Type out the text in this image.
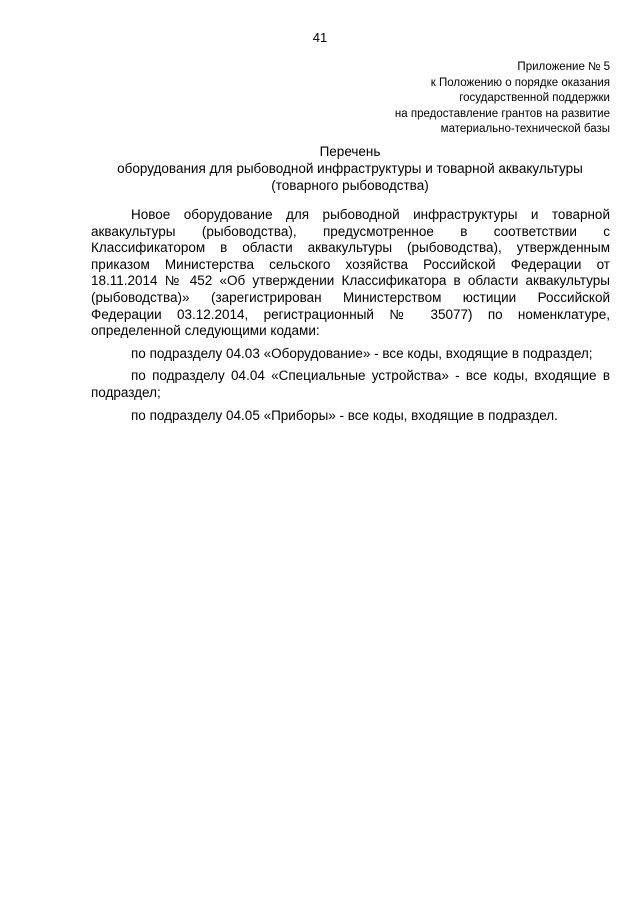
41
Приложение № 5
к Положению о порядке оказания
государственной поддержки
на предоставление грантов на развитие
материально-технической базы
Перечень
оборудования для рыбоводной инфраструктуры и товарной аквакультуры
(товарного рыбоводства)

Новое оборудование для рыбоводной инфраструктуры и товарной аквакультуры (рыбоводства), предусмотренное в соответствии с Классификатором в области аквакультуры (рыбоводства), утвержденным приказом Министерства сельского хозяйства Российской Федерации от 18.11.2014 № 452 «Об утверждении Классификатора в области аквакультуры (рыбоводства)» (зарегистрирован Министерством юстиции Российской Федерации 03.12.2014, регистрационный № 35077) по номенклатуре, определенной следующими кодами:

по подразделу 04.03 «Оборудование» - все коды, входящие в подраздел;

по подразделу 04.04 «Специальные устройства» - все коды, входящие в подраздел;

по подразделу 04.05 «Приборы» - все коды, входящие в подраздел.
